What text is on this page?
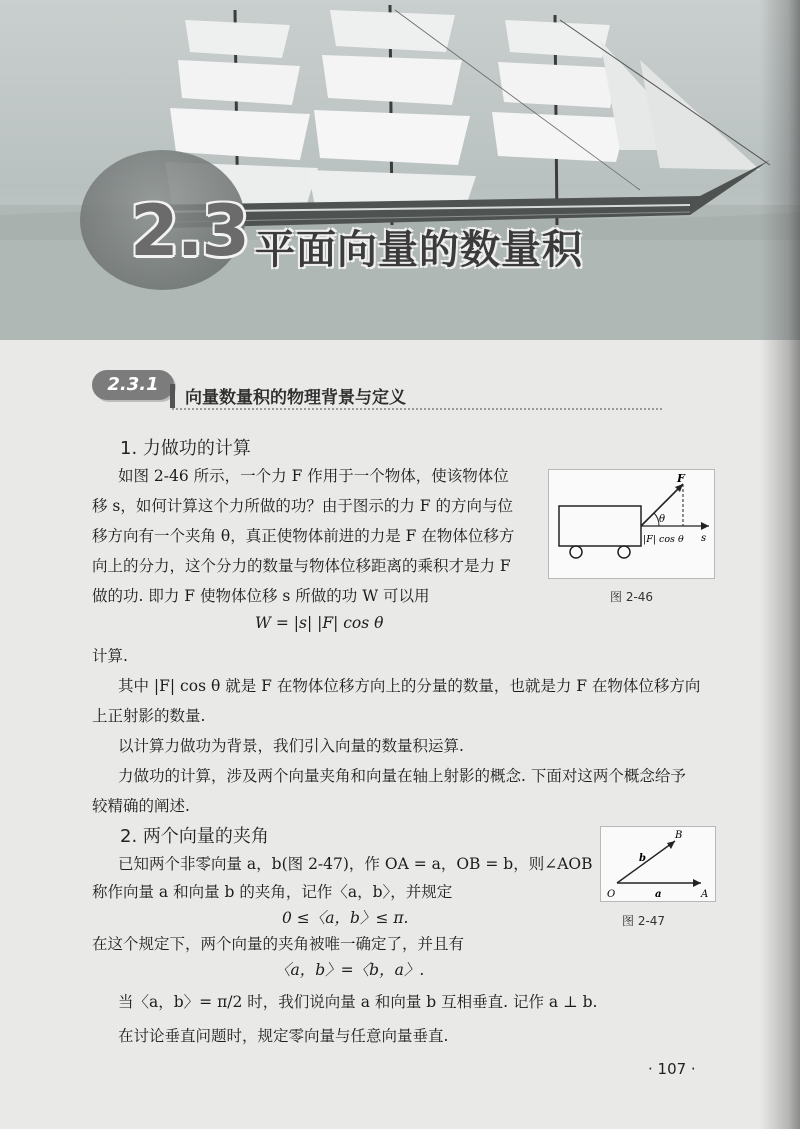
2.3 平面向量的数量积
2.3.1
向量数量积的物理背景与定义
1. 力做功的计算
如图 2-46 所示，一个力 F 作用于一个物体，使该物体位
移 s，如何计算这个力所做的功？由于图示的力 F 的方向与位
移方向有一个夹角 θ，真正使物体前进的力是 F 在物体位移方
向上的分力，这个分力的数量与物体位移距离的乘积才是力 F
做的功. 即力 F 使物体位移 s 所做的功 W 可以用
W = |s| |F| cos θ
计算.
其中 |F| cos θ 就是 F 在物体位移方向上的分量的数量，也就是力 F 在物体位移方向
上正射影的数量.
以计算力做功为背景，我们引入向量的数量积运算.
力做功的计算，涉及两个向量夹角和向量在轴上射影的概念. 下面对这两个概念给予
较精确的阐述.
F
θ
s
|F| cos θ
图 2-46
2. 两个向量的夹角
已知两个非零向量 a，b(图 2-47)，作 OA = a，OB = b，则∠AOB
称作向量 a 和向量 b 的夹角，记作〈a，b〉，并规定
0 ≤〈a，b〉≤ π.
在这个规定下，两个向量的夹角被唯一确定了，并且有
〈a，b〉=〈b，a〉.
当〈a，b〉= π/2 时，我们说向量 a 和向量 b 互相垂直. 记作 a ⊥ b.
在讨论垂直问题时，规定零向量与任意向量垂直.
O	A
B
a
b
图 2-47
· 107 ·
